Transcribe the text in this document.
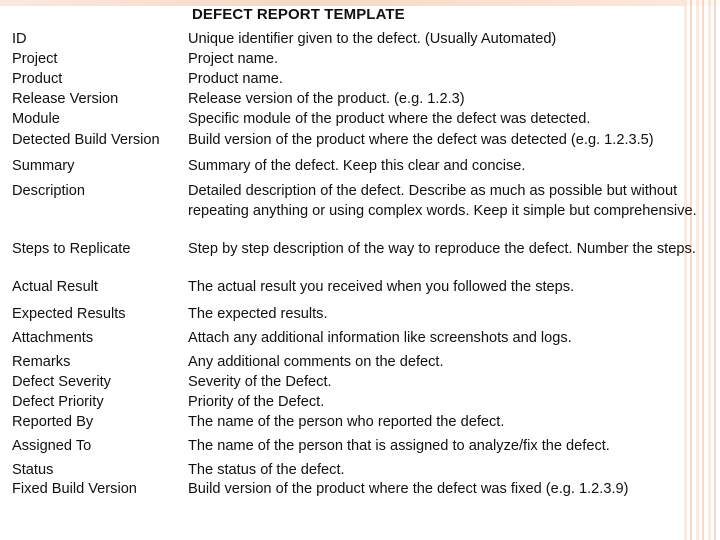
DEFECT REPORT TEMPLATE
ID	Unique identifier given to the defect. (Usually Automated)
Project	Project name.
Product	Product name.
Release Version	Release version of the product. (e.g. 1.2.3)
Module	Specific module of the product where the defect was detected.
Detected Build Version	Build version of the product where the defect was detected (e.g. 1.2.3.5)
Summary	Summary of the defect. Keep this clear and concise.
Description	Detailed description of the defect. Describe as much as possible but without repeating anything or using complex words. Keep it simple but comprehensive.
Steps to Replicate	Step by step description of the way to reproduce the defect. Number the steps.
Actual Result	The actual result you received when you followed the steps.
Expected Results	The expected results.
Attachments	Attach any additional information like screenshots and logs.
Remarks	Any additional comments on the defect.
Defect Severity	Severity of the Defect.
Defect Priority	Priority of the Defect.
Reported By	The name of the person who reported the defect.
Assigned To	The name of the person that is assigned to analyze/fix the defect.
Status	The status of the defect.
Fixed Build Version	Build version of the product where the defect was fixed (e.g. 1.2.3.9)
